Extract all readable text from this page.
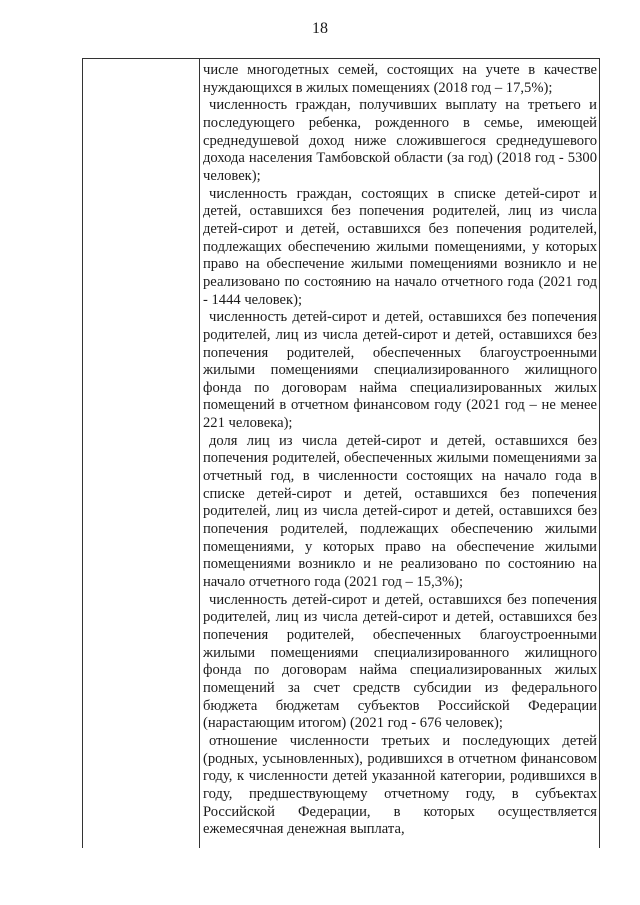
18

числе многодетных семей, состоящих на учете в качестве нуждающихся в жилых помещениях (2018 год – 17,5%);

численность граждан, получивших выплату на третьего и последующего ребенка, рожденного в семье, имеющей среднедушевой доход ниже сложившегося среднедушевого дохода населения Тамбовской области (за год) (2018 год - 5300 человек);

численность граждан, состоящих в списке детей-сирот и детей, оставшихся без попечения родителей, лиц из числа детей-сирот и детей, оставшихся без попечения родителей, подлежащих обеспечению жилыми помещениями, у которых право на обеспечение жилыми помещениями возникло и не реализовано по состоянию на начало отчетного года (2021 год - 1444 человек);

численность детей-сирот и детей, оставшихся без попечения родителей, лиц из числа детей-сирот и детей, оставшихся без попечения родителей, обеспеченных благоустроенными жилыми помещениями специализированного жилищного фонда по договорам найма специализированных жилых помещений в отчетном финансовом году (2021 год – не менее 221 человека);

доля лиц из числа детей-сирот и детей, оставшихся без попечения родителей, обеспеченных жилыми помещениями за отчетный год, в численности состоящих на начало года в списке детей-сирот и детей, оставшихся без попечения родителей, лиц из числа детей-сирот и детей, оставшихся без попечения родителей, подлежащих обеспечению жилыми помещениями, у которых право на обеспечение жилыми помещениями возникло и не реализовано по состоянию на начало отчетного года (2021 год – 15,3%);

численность детей-сирот и детей, оставшихся без попечения родителей, лиц из числа детей-сирот и детей, оставшихся без попечения родителей, обеспеченных благоустроенными жилыми помещениями специализированного жилищного фонда по договорам найма специализированных жилых помещений за счет средств субсидии из федерального бюджета бюджетам субъектов Российской Федерации (нарастающим итогом) (2021 год - 676 человек);

отношение численности третьих и последующих детей (родных, усыновленных), родившихся в отчетном финансовом году, к численности детей указанной категории, родившихся в году, предшествующему отчетному году, в субъектах Российской Федерации, в которых осуществляется ежемесячная денежная выплата,
